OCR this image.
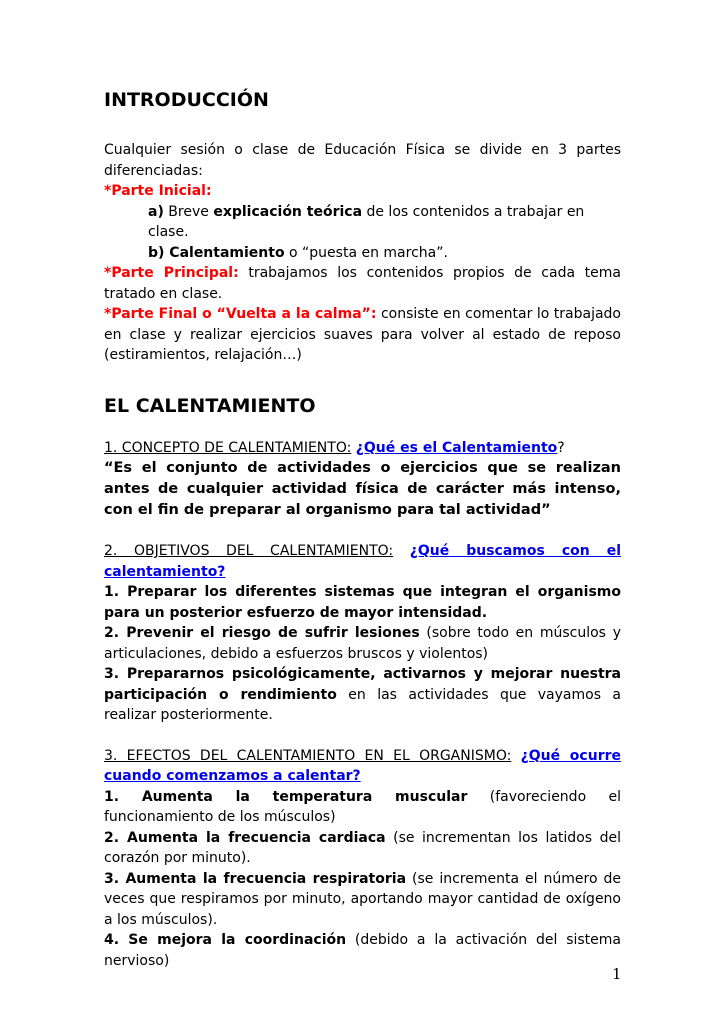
INTRODUCCIÓN

Cualquier sesión o clase de Educación Física se divide en 3 partes diferenciadas:

*Parte Inicial:

a) Breve explicación teórica de los contenidos a trabajar en clase.

b) Calentamiento o “puesta en marcha”.

*Parte Principal: trabajamos los contenidos propios de cada tema tratado en clase.

*Parte Final o “Vuelta a la calma”: consiste en comentar lo trabajado en clase y realizar ejercicios suaves para volver al estado de reposo (estiramientos, relajación…)

EL CALENTAMIENTO

1. CONCEPTO DE CALENTAMIENTO: ¿Qué es el Calentamiento?

“Es el conjunto de actividades o ejercicios que se realizan antes de cualquier actividad física de carácter más intenso, con el fin de preparar al organismo para tal actividad”

2. OBJETIVOS DEL CALENTAMIENTO: ¿Qué buscamos con el calentamiento?

1. Preparar los diferentes sistemas que integran el organismo para un posterior esfuerzo de mayor intensidad.

2. Prevenir el riesgo de sufrir lesiones (sobre todo en músculos y articulaciones, debido a esfuerzos bruscos y violentos)

3. Prepararnos psicológicamente, activarnos y mejorar nuestra participación o rendimiento en las actividades que vayamos a realizar posteriormente.

3. EFECTOS DEL CALENTAMIENTO EN EL ORGANISMO: ¿Qué ocurre cuando comenzamos a calentar?

1. Aumenta la temperatura muscular (favoreciendo el funcionamiento de los músculos)

2. Aumenta la frecuencia cardiaca (se incrementan los latidos del corazón por minuto).

3. Aumenta la frecuencia respiratoria (se incrementa el número de veces que respiramos por minuto, aportando mayor cantidad de oxígeno a los músculos).

4. Se mejora la coordinación (debido a la activación del sistema nervioso)

1
